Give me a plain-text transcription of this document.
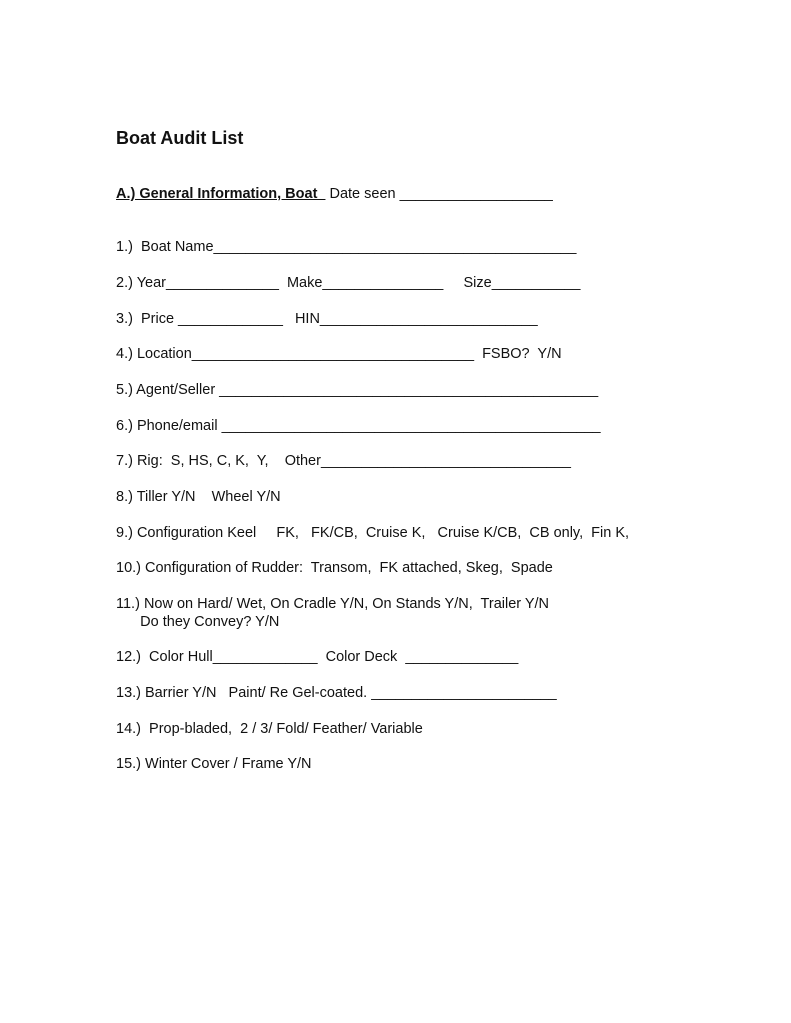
Boat Audit List
A.) General Information, Boat   Date seen ___________________
1.)  Boat Name_____________________________________________
2.) Year______________  Make_______________     Size___________
3.)  Price _____________   HIN___________________________
4.) Location___________________________________  FSBO?  Y/N
5.) Agent/Seller _______________________________________________
6.) Phone/email _______________________________________________
7.) Rig:  S, HS, C, K,  Y,    Other_______________________________
8.) Tiller Y/N    Wheel Y/N
9.) Configuration Keel     FK,   FK/CB,  Cruise K,   Cruise K/CB,  CB only,  Fin K,
10.) Configuration of Rudder:  Transom,  FK attached, Skeg,  Spade
11.) Now on Hard/ Wet, On Cradle Y/N, On Stands Y/N,  Trailer Y/N
Do they Convey? Y/N
12.)  Color Hull_____________  Color Deck  ______________
13.) Barrier Y/N   Paint/ Re Gel-coated. _______________________
14.)  Prop-bladed,  2 / 3/ Fold/ Feather/ Variable
15.) Winter Cover / Frame Y/N
